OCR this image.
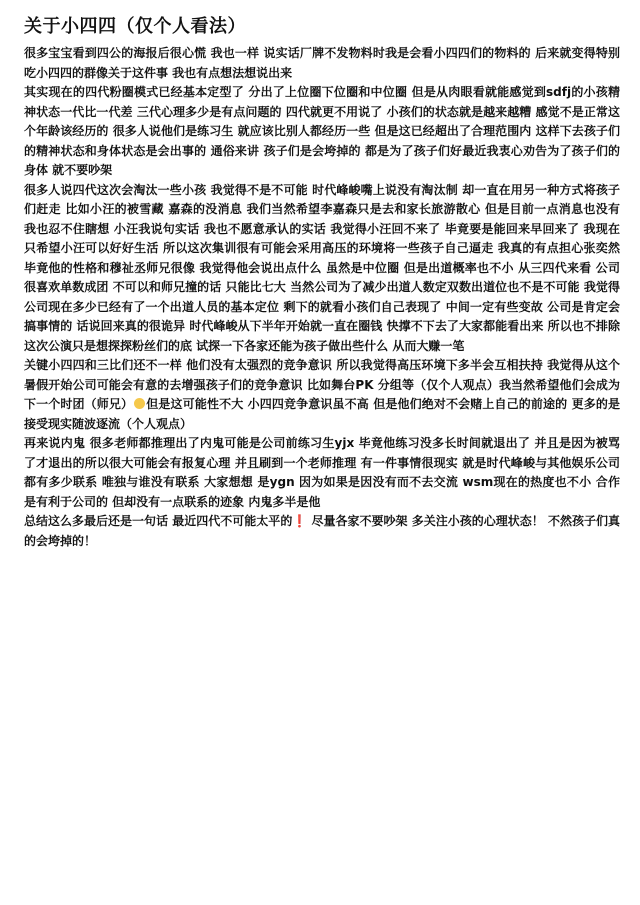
关于小四四（仅个人看法）

很多宝宝看到四公的海报后很心慌 我也一样 说实话厂牌不发物料时我是会看小四四们的物料的 后来就变得特别吃小四四的群像关于这件事 我也有点想法想说出来

其实现在的四代粉圈模式已经基本定型了 分出了上位圈下位圈和中位圈 但是从肉眼看就能感觉到sdfj的小孩精神状态一代比一代差 三代心理多少是有点问题的 四代就更不用说了 小孩们的状态就是越来越糟 感觉不是正常这个年龄该经历的 很多人说他们是练习生 就应该比别人都经历一些 但是这已经超出了合理范围内 这样下去孩子们的精神状态和身体状态是会出事的 通俗来讲 孩子们是会垮掉的 都是为了孩子们好最近我衷心劝告为了孩子们的身体 就不要吵架

很多人说四代这次会淘汰一些小孩 我觉得不是不可能 时代峰峻嘴上说没有淘汰制 却一直在用另一种方式将孩子们赶走 比如小汪的被雪藏 嘉森的没消息 我们当然希望李嘉森只是去和家长旅游散心 但是目前一点消息也没有 我也忍不住瞎想 小汪我说句实话 我也不愿意承认的实话 我觉得小汪回不来了 毕竟要是能回来早回来了 我现在只希望小汪可以好好生活 所以这次集训很有可能会采用高压的环境将一些孩子自己逼走 我真的有点担心张奕然 毕竟他的性格和穆祉丞师兄很像 我觉得他会说出点什么 虽然是中位圈 但是出道概率也不小 从三四代来看 公司很喜欢单数成团 不可以和师兄撞的话 只能比七大 当然公司为了减少出道人数定双数出道位也不是不可能 我觉得公司现在多少已经有了一个出道人员的基本定位 剩下的就看小孩们自己表现了 中间一定有些变故 公司是肯定会搞事情的 话说回来真的很诡异 时代峰峻从下半年开始就一直在圈钱 快撑不下去了大家都能看出来 所以也不排除这次公演只是想探探粉丝们的底 试探一下各家还能为孩子做出些什么 从而大赚一笔

关键小四四和三比们还不一样 他们没有太强烈的竞争意识 所以我觉得高压环境下多半会互相扶持 我觉得从这个暑假开始公司可能会有意的去增强孩子们的竞争意识 比如舞台PK 分组等（仅个人观点）我当然希望他们会成为下一个时团（师兄） 但是这可能性不大 小四四竞争意识虽不高 但是他们绝对不会赌上自己的前途的 更多的是接受现实随波逐流（个人观点）

再来说内鬼 很多老师都推理出了内鬼可能是公司前练习生yjx 毕竟他练习没多长时间就退出了 并且是因为被骂了才退出的所以很大可能会有报复心理 并且刷到一个老师推理 有一件事情很现实 就是时代峰峻与其他娱乐公司都有多少联系 唯独与谁没有联系 大家想想 是ygn 因为如果是因没有而不去交流 wsm现在的热度也不小 合作是有利于公司的 但却没有一点联系的迹象 内鬼多半是他

总结这么多最后还是一句话 最近四代不可能太平的❗ 尽量各家不要吵架 多关注小孩的心理状态！ 不然孩子们真的会垮掉的！
